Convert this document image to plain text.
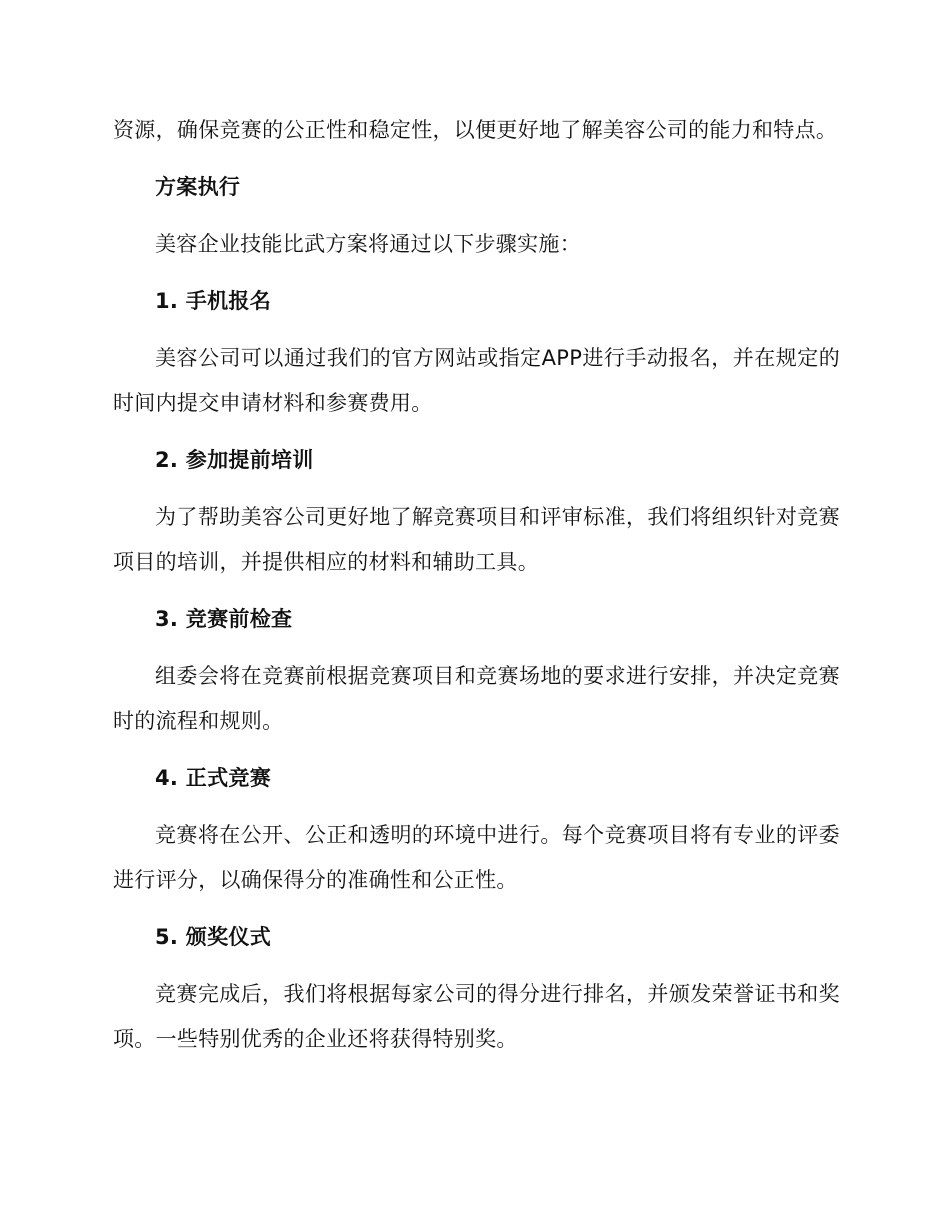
资源，确保竞赛的公正性和稳定性，以便更好地了解美容公司的能力和特点。

方案执行

美容企业技能比武方案将通过以下步骤实施：

1. 手机报名

美容公司可以通过我们的官方网站或指定APP进行手动报名，并在规定的时间内提交申请材料和参赛费用。

2. 参加提前培训

为了帮助美容公司更好地了解竞赛项目和评审标准，我们将组织针对竞赛项目的培训，并提供相应的材料和辅助工具。

3. 竞赛前检查

组委会将在竞赛前根据竞赛项目和竞赛场地的要求进行安排，并决定竞赛时的流程和规则。

4. 正式竞赛

竞赛将在公开、公正和透明的环境中进行。每个竞赛项目将有专业的评委进行评分，以确保得分的准确性和公正性。

5. 颁奖仪式

竞赛完成后，我们将根据每家公司的得分进行排名，并颁发荣誉证书和奖项。一些特别优秀的企业还将获得特别奖。
